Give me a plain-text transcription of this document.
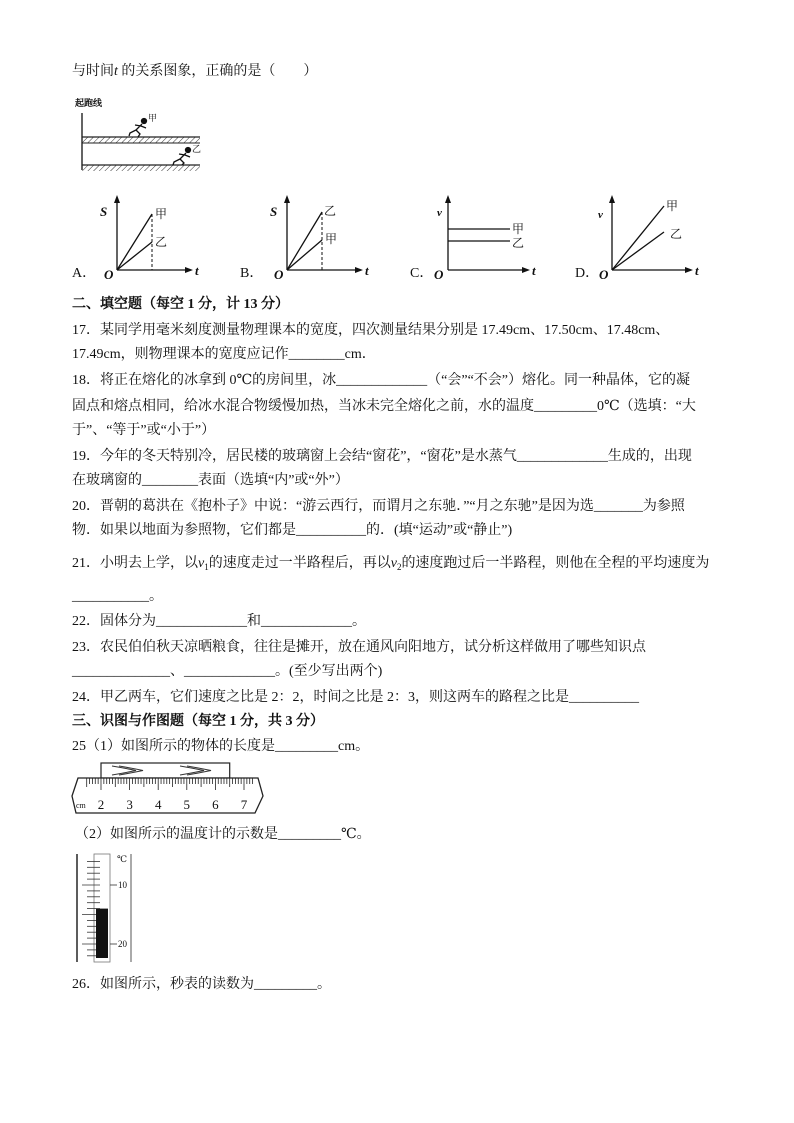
与时间t 的关系图象，正确的是（　　）
起跑线
甲
乙
A．
S
O	t
甲
乙
B．
S
O	t
乙
甲
C．
v
O	t
甲
乙
D．
v
O	t
甲
乙
二、填空题（每空 1 分，计 13 分）
17．某同学用毫米刻度测量物理课本的宽度，四次测量结果分别是 17.49cm、17.50cm、17.48cm、
17.49cm，则物理课本的宽度应记作________cm．
18．将正在熔化的冰拿到 0℃的房间里，冰_____________（“会”“不会”）熔化。同一种晶体，它的凝
固点和熔点相同，给冰水混合物缓慢加热，当冰未完全熔化之前，水的温度_________0℃（选填：“大
于”、“等于”或“小于”）
19．今年的冬天特别冷，居民楼的玻璃窗上会结“窗花”，“窗花”是水蒸气_____________生成的，出现
在玻璃窗的________表面（选填“内”或“外”）
20．晋朝的葛洪在《抱朴子》中说：“游云西行，而谓月之东驰．”“月之东驰”是因为选_______为参照
物．如果以地面为参照物，它们都是__________的．(填“运动”或“静止”)
21．小明去上学，以$v_1$的速度走过一半路程后，再以$v_2$的速度跑过后一半路程，则他在全程的平均速度为
___________。
22．固体分为_____________和_____________。
23．农民伯伯秋天凉晒粮食，往往是摊开，放在通风向阳地方，试分析这样做用了哪些知识点
______________、_____________。(至少写出两个)
24．甲乙两车，它们速度之比是 2：2，时间之比是 2：3，则这两车的路程之比是__________
三、识图与作图题（每空 1 分，共 3 分）
25（1）如图所示的物体的长度是_________cm。
cm 2 3 4 5 6 7
（2）如图所示的温度计的示数是_________℃。
℃
10
20
26．如图所示，秒表的读数为_________。
